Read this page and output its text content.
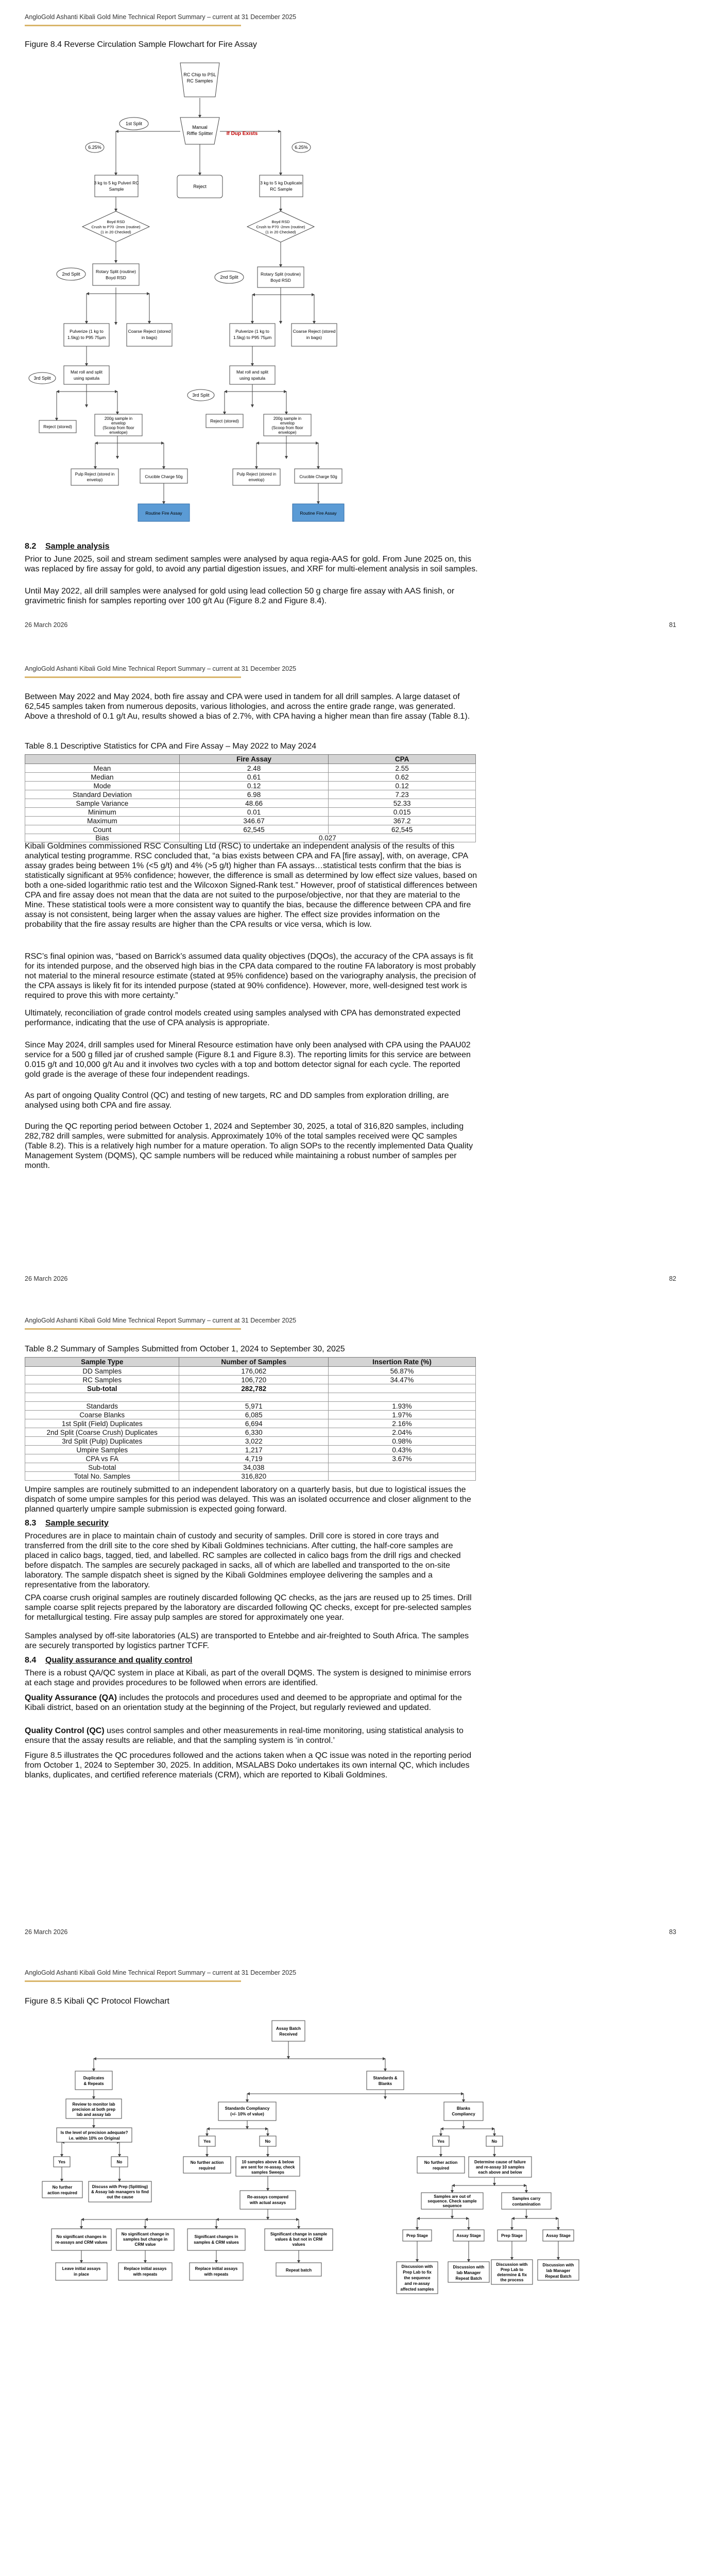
AngloGold Ashanti Kibali Gold Mine Technical Report Summary – current at 31 December 2025
Figure 8.4 Reverse Circulation Sample Flowchart for Fire Assay
RC Chip to PSL
RC Samples
1st Split
6.25%	6.25%
Manual
Riffle Splitter	If Dup Exists
Reject
3 kg to 5 kg Pulveri RC
Sample
3 kg to 5 kg Duplicate
RC Sample
Boyd RSD
Crush to P70 -2mm (routine)
(1 in 20 Checked)
Boyd RSD
Crush to P70 -2mm (routine)
(1 in 20 Checked)
2nd Split
2nd Split
Rotary Split (routine)
Boyd RSD
Rotary Split (routine)
Boyd RSD
Pulverize (1 kg to
1.5kg) to P95 75µm
Coarse Reject (stored
in bags)
Pulverize (1 kg to
1.5kg) to P95 75µm
Coarse Reject (stored
in bags)
Mat roll and split
using spatula
Mat roll and split
using spatula
3rd Split
3rd Split
Reject (stored)
200g sample in
envelop
(Scoop from floor
envelope)
Reject (stored)	200g sample in
envelop
(Scoop from floor
envelope)
Pulp Reject (stored in
envelop)
Crucible Charge 50g
Pulp Reject (stored in
envelop)
Crucible Charge 50g
Routine Fire Assay	Routine Fire Assay
8.2 Sample analysis

Prior to June 2025, soil and stream sediment samples were analysed by aqua regia-AAS for gold. From June 2025 on, this was replaced by fire assay for gold, to avoid any partial digestion issues, and XRF for multi-element analysis in soil samples.

Until May 2022, all drill samples were analysed for gold using lead collection 50 g charge fire assay with AAS finish, or gravimetric finish for samples reporting over 100 g/t Au (Figure 8.2 and Figure 8.4).

26 March 2026	81
AngloGold Ashanti Kibali Gold Mine Technical Report Summary – current at 31 December 2025

Between May 2022 and May 2024, both fire assay and CPA were used in tandem for all drill samples. A large dataset of 62,545 samples taken from numerous deposits, various lithologies, and across the entire grade range, was generated. Above a threshold of 0.1 g/t Au, results showed a bias of 2.7%, with CPA having a higher mean than fire assay (Table 8.1).

Table 8.1 Descriptive Statistics for CPA and Fire Assay – May 2022 to May 2024
	Fire Assay	CPA
Mean	2.48	2.55
Median	0.61	0.62
Mode	0.12	0.12
Standard Deviation	6.98	7.23
Sample Variance	48.66	52.33
Minimum	0.01	0.015
Maximum	346.67	367.2
Count	62,545	62,545
Bias	0.027	

Kibali Goldmines commissioned RSC Consulting Ltd (RSC) to undertake an independent analysis of the results of this analytical testing programme. RSC concluded that, “a bias exists between CPA and FA [fire assay], with, on average, CPA assay grades being between 1% (<5 g/t) and 4% (>5 g/t) higher than FA assays…statistical tests confirm that the bias is statistically significant at 95% confidence; however, the difference is small as determined by low effect size values, based on both a one-sided logarithmic ratio test and the Wilcoxon Signed-Rank test.” However, proof of statistical differences between CPA and fire assay does not mean that the data are not suited to the purpose/objective, nor that they are material to the Mine. These statistical tools were a more consistent way to quantify the bias, because the difference between CPA and fire assay is not consistent, being larger when the assay values are higher. The effect size provides information on the probability that the fire assay results are higher than the CPA results or vice versa, which is low.

RSC’s final opinion was, “based on Barrick’s assumed data quality objectives (DQOs), the accuracy of the CPA assays is fit for its intended purpose, and the observed high bias in the CPA data compared to the routine FA laboratory is most probably not material to the mineral resource estimate (stated at 95% confidence) based on the variography analysis, the precision of the CPA assays is likely fit for its intended purpose (stated at 90% confidence). However, more, well-designed test work is required to prove this with more certainty.”

Ultimately, reconciliation of grade control models created using samples analysed with CPA has demonstrated expected performance, indicating that the use of CPA analysis is appropriate.

Since May 2024, drill samples used for Mineral Resource estimation have only been analysed with CPA using the PAAU02 service for a 500 g filled jar of crushed sample (Figure 8.1 and Figure 8.3). The reporting limits for this service are between 0.015 g/t and 10,000 g/t Au and it involves two cycles with a top and bottom detector signal for each cycle. The reported gold grade is the average of these four independent readings.

As part of ongoing Quality Control (QC) and testing of new targets, RC and DD samples from exploration drilling, are analysed using both CPA and fire assay.

During the QC reporting period between October 1, 2024 and September 30, 2025, a total of 316,820 samples, including 282,782 drill samples, were submitted for analysis. Approximately 10% of the total samples received were QC samples (Table 8.2). This is a relatively high number for a mature operation. To align SOPs to the recently implemented Data Quality Management System (DQMS), QC sample numbers will be reduced while maintaining a robust number of samples per month.

26 March 2026	82
AngloGold Ashanti Kibali Gold Mine Technical Report Summary – current at 31 December 2025
Table 8.2 Summary of Samples Submitted from October 1, 2024 to September 30, 2025
Sample Type	Number of Samples	Insertion Rate (%)
DD Samples	176,062	56.87%
RC Samples	106,720	34.47%
Sub-total	282,782	

Standards	5,971	1.93%
Coarse Blanks	6,085	1.97%
1st Split (Field) Duplicates	6,694	2.16%
2nd Split (Coarse Crush) Duplicates	6,330	2.04%
3rd Split (Pulp) Duplicates	3,022	0.98%
Umpire Samples	1,217	0.43%
CPA vs FA	4,719	3.67%
Sub-total	34,038	
Total No. Samples	316,820	

Umpire samples are routinely submitted to an independent laboratory on a quarterly basis, but due to logistical issues the dispatch of some umpire samples for this period was delayed. This was an isolated occurrence and closer alignment to the planned quarterly umpire sample submission is expected going forward.

8.3 Sample security

Procedures are in place to maintain chain of custody and security of samples. Drill core is stored in core trays and transferred from the drill site to the core shed by Kibali Goldmines technicians. After cutting, the half-core samples are placed in calico bags, tagged, tied, and labelled. RC samples are collected in calico bags from the drill rigs and checked before dispatch. The samples are securely packaged in sacks, all of which are labelled and transported to the on-site laboratory. The sample dispatch sheet is signed by the Kibali Goldmines employee delivering the samples and a representative from the laboratory.

CPA coarse crush original samples are routinely discarded following QC checks, as the jars are reused up to 25 times. Drill sample coarse split rejects prepared by the laboratory are discarded following QC checks, except for pre-selected samples for metallurgical testing. Fire assay pulp samples are stored for approximately one year.

Samples analysed by off-site laboratories (ALS) are transported to Entebbe and air-freighted to South Africa. The samples are securely transported by logistics partner TCFF.

8.4 Quality assurance and quality control

There is a robust QA/QC system in place at Kibali, as part of the overall DQMS. The system is designed to minimise errors at each stage and provides procedures to be followed when errors are identified.

Quality Assurance (QA) includes the protocols and procedures used and deemed to be appropriate and optimal for the Kibali district, based on an orientation study at the beginning of the Project, but regularly reviewed and updated.

Quality Control (QC) uses control samples and other measurements in real-time monitoring, using statistical analysis to ensure that the assay results are reliable, and that the sampling system is ‘in control.’

Figure 8.5 illustrates the QC procedures followed and the actions taken when a QC issue was noted in the reporting period from October 1, 2024 to September 30, 2025. In addition, MSALABS Doko undertakes its own internal QC, which includes blanks, duplicates, and certified reference materials (CRM), which are reported to Kibali Goldmines.

26 March 2026	83
AngloGold Ashanti Kibali Gold Mine Technical Report Summary – current at 31 December 2025
Figure 8.5 Kibali QC Protocol Flowchart
Assay Batch
Received
Duplicates
& Repeats
Standards &
Blanks
Review to monitor lab
precision at both prep
lab and assay lab
Is the level of precision adequate?
i.e. within 10% on Original
Yes	No
No further
action required
Discuss with Prep (Splitting)
& Assay lab managers to find
out the cause
Standards Compliancy
(+/- 10% of value)
Blanks
Compliancy
Yes	No
No further action
required
10 samples above & below
are sent for re-assay, check
samples Sweeps
Re-assays compared
with actual assays
Yes	No
No further action
required
Determine cause of failure
and re-assay 10 samples
each above and below
Samples are out of
sequence. Check sample
sequence
Samples carry
contamination
No significant changes in
re-assays and CRM values
No significant change in
samples but change in
CRM value
Significant changes in
samples & CRM values
Significant change in sample
values & but not in CRM
values
Prep Stage	Assay Stage	Prep Stage	Assay Stage
Leave initial assays
in place
Replace initial assays
with repeats
Replace initial assays
with repeats
Repeat batch
Discussion with
Prep Lab to fix
the sequence
and re-assay
affected samples
Discussion with
lab Manager
Repeat Batch
Discussion with
Prep Lab to
determine & fix
the process
Discussion with
lab Manager
Repeat Batch
